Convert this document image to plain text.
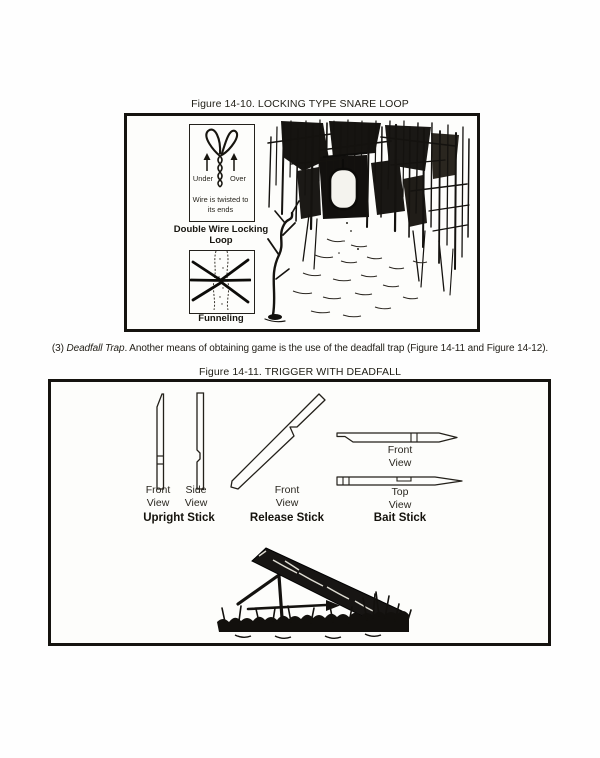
Figure 14-10. LOCKING TYPE SNARE LOOP
Under	Over
Wire is twisted to its ends
Double Wire Locking Loop
Funneling
(3) Deadfall Trap. Another means of obtaining game is the use of the deadfall trap (Figure 14-11 and Figure 14-12).
Figure 14-11. TRIGGER WITH DEADFALL
Front View
Side View
Front View
Front View
Top View
Upright Stick	Release Stick	Bait Stick
